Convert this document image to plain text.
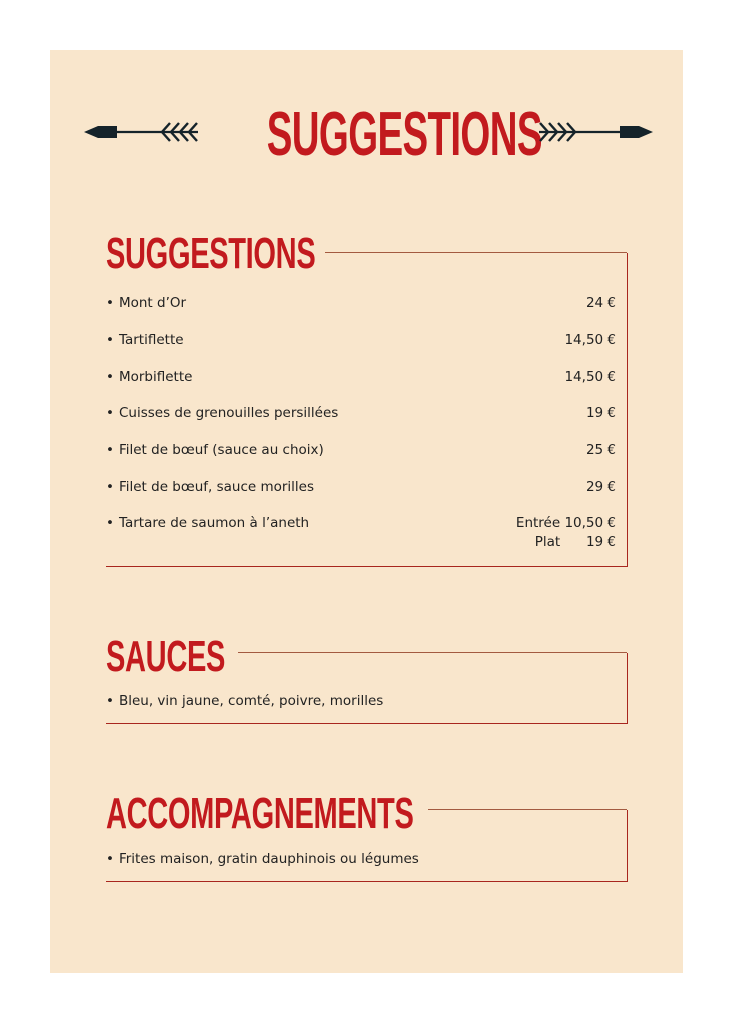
SUGGESTIONS
SUGGESTIONS
• Mont d’Or	24 €
• Tartiflette	14,50 €
• Morbiflette	14,50 €
• Cuisses de grenouilles persillées	19 €
• Filet de bœuf (sauce au choix)	25 €
• Filet de bœuf, sauce morilles	29 €
• Tartare de saumon à l’aneth	Entrée 10,50 €
Plat      19 €
SAUCES
• Bleu, vin jaune, comté, poivre, morilles
ACCOMPAGNEMENTS
• Frites maison, gratin dauphinois ou légumes
